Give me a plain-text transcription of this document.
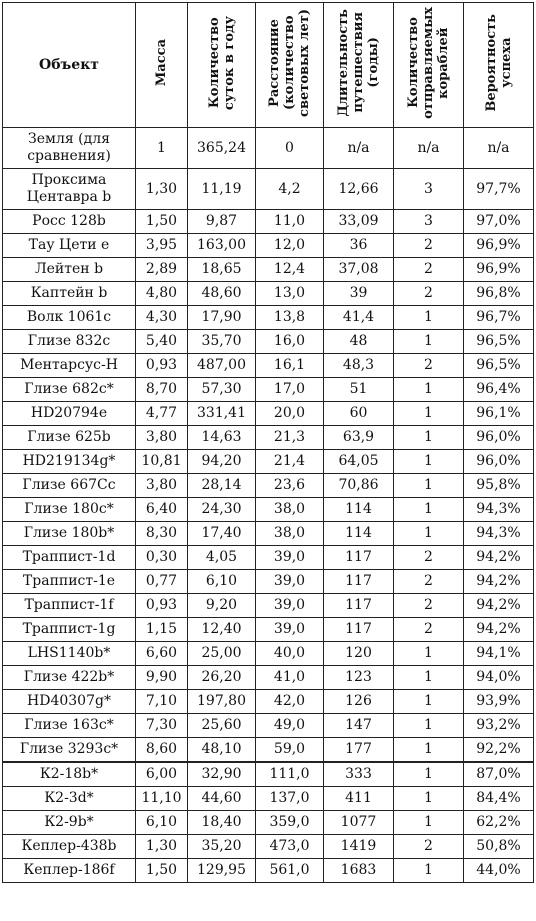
Объект	Масса	Количество
суток в году	Расстояние
(количество
световых лет)	Длительность
путешествия
(годы)	Количество
отправляемых
кораблей	Вероятность
успеха
Земля (для сравнения)	1	365,24	0	n/a	n/a	n/a
Проксима Центавра b	1,30	11,19	4,2	12,66	3	97,7%
Росс 128b	1,50	9,87	11,0	33,09	3	97,0%
Тау Цети е	3,95	163,00	12,0	36	2	96,9%
Лейтен b	2,89	18,65	12,4	37,08	2	96,9%
Каптейн b	4,80	48,60	13,0	39	2	96,8%
Волк 1061с	4,30	17,90	13,8	41,4	1	96,7%
Глизе 832с	5,40	35,70	16,0	48	1	96,5%
Ментарсус-Н	0,93	487,00	16,1	48,3	2	96,5%
Глизе 682с*	8,70	57,30	17,0	51	1	96,4%
HD20794e	4,77	331,41	20,0	60	1	96,1%
Глизе 625b	3,80	14,63	21,3	63,9	1	96,0%
HD219134g*	10,81	94,20	21,4	64,05	1	96,0%
Глизе 667Сс	3,80	28,14	23,6	70,86	1	95,8%
Глизе 180с*	6,40	24,30	38,0	114	1	94,3%
Глизе 180b*	8,30	17,40	38,0	114	1	94,3%
Траппист-1d	0,30	4,05	39,0	117	2	94,2%
Траппист-1e	0,77	6,10	39,0	117	2	94,2%
Траппист-1f	0,93	9,20	39,0	117	2	94,2%
Траппист-1g	1,15	12,40	39,0	117	2	94,2%
LHS1140b*	6,60	25,00	40,0	120	1	94,1%
Глизе 422b*	9,90	26,20	41,0	123	1	94,0%
HD40307g*	7,10	197,80	42,0	126	1	93,9%
Глизе 163с*	7,30	25,60	49,0	147	1	93,2%
Глизе 3293с*	8,60	48,10	59,0	177	1	92,2%
К2-18b*	6,00	32,90	111,0	333	1	87,0%
К2-3d*	11,10	44,60	137,0	411	1	84,4%
К2-9b*	6,10	18,40	359,0	1077	1	62,2%
Кеплер-438b	1,30	35,20	473,0	1419	2	50,8%
Кеплер-186f	1,50	129,95	561,0	1683	1	44,0%
